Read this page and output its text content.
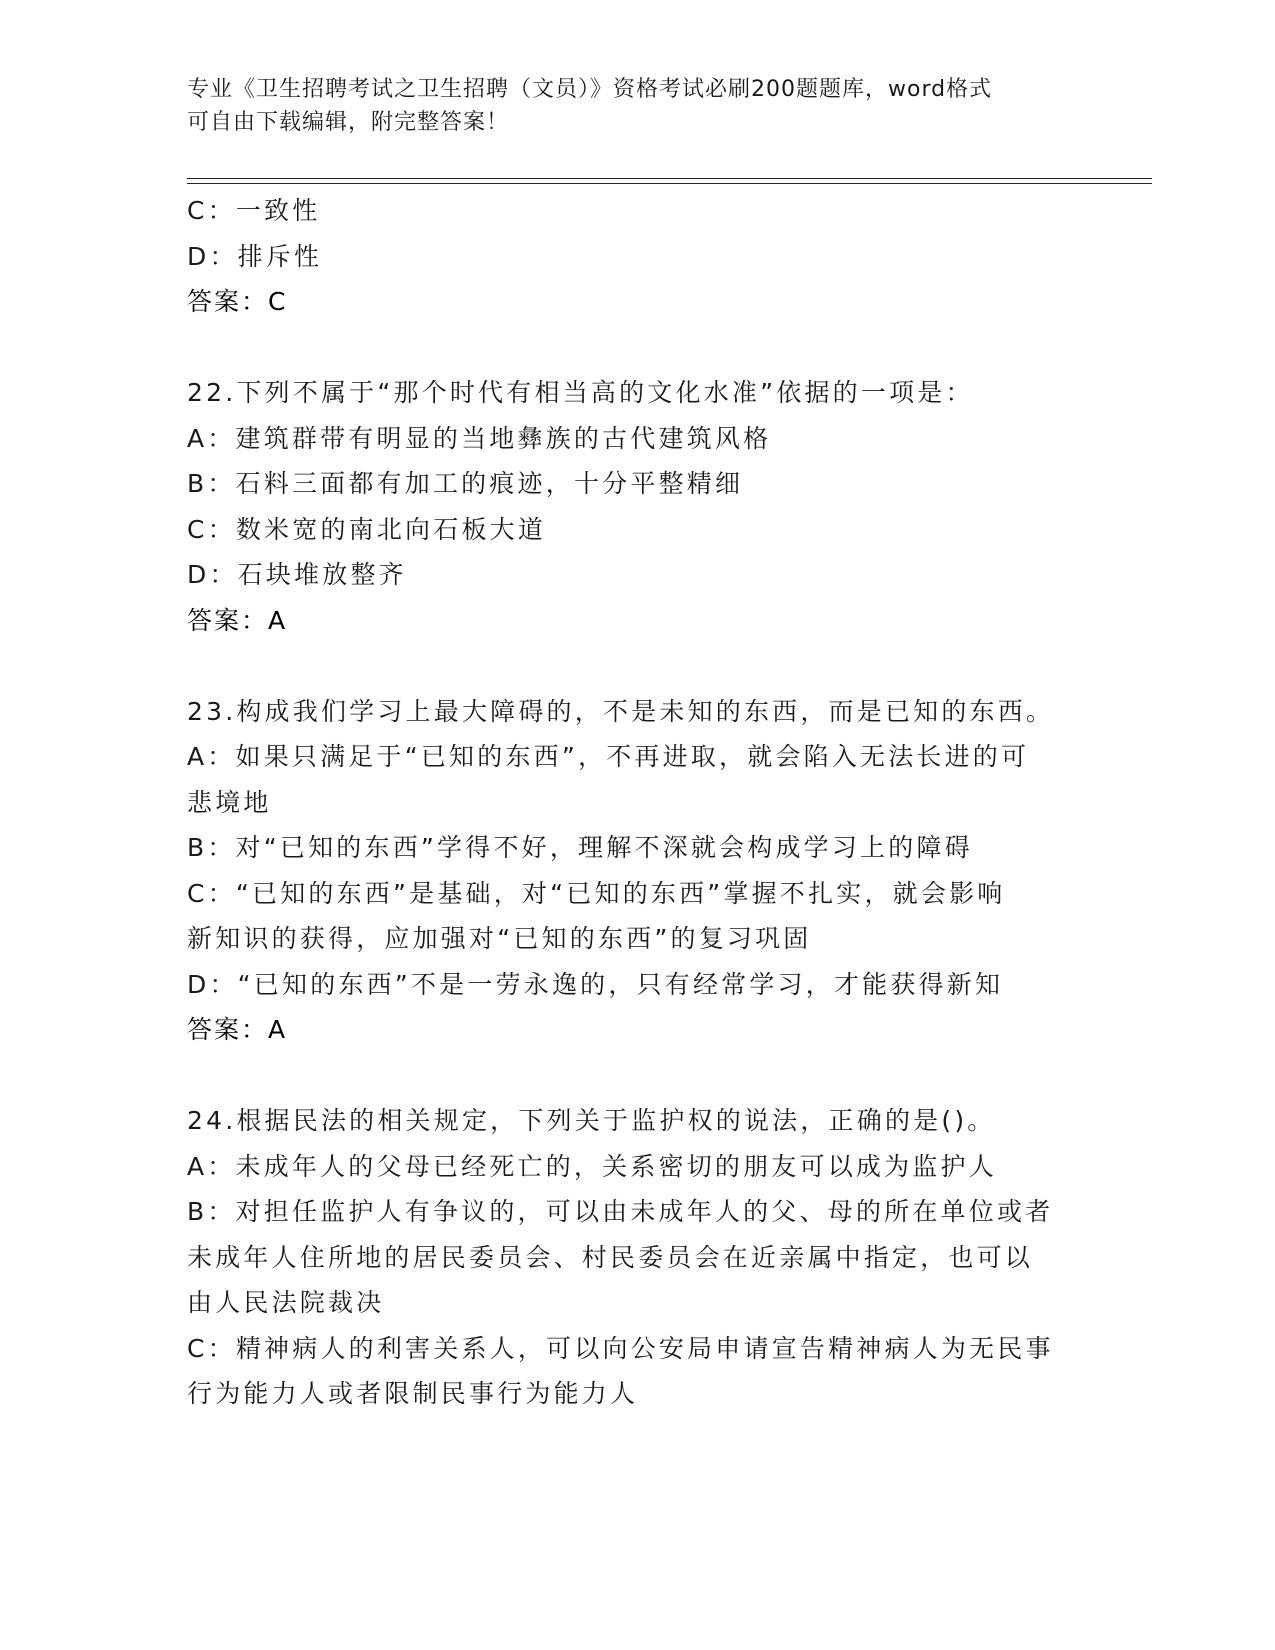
专业《卫生招聘考试之卫生招聘（文员）》资格考试必刷200题题库，word格式
可自由下载编辑，附完整答案！
C：一致性
D：排斥性
答案：C
22.下列不属于“那个时代有相当高的文化水准”依据的一项是：
A：建筑群带有明显的当地彝族的古代建筑风格
B：石料三面都有加工的痕迹，十分平整精细
C：数米宽的南北向石板大道
D：石块堆放整齐
答案：A
23.构成我们学习上最大障碍的，不是未知的东西，而是已知的东西。
A：如果只满足于“已知的东西”，不再进取，就会陷入无法长进的可
悲境地
B：对“已知的东西”学得不好，理解不深就会构成学习上的障碍
C：“已知的东西”是基础，对“已知的东西”掌握不扎实，就会影响
新知识的获得，应加强对“已知的东西”的复习巩固
D：“已知的东西”不是一劳永逸的，只有经常学习，才能获得新知
答案：A
24.根据民法的相关规定，下列关于监护权的说法，正确的是()。
A：未成年人的父母已经死亡的，关系密切的朋友可以成为监护人
B：对担任监护人有争议的，可以由未成年人的父、母的所在单位或者
未成年人住所地的居民委员会、村民委员会在近亲属中指定，也可以
由人民法院裁决
C：精神病人的利害关系人，可以向公安局申请宣告精神病人为无民事
行为能力人或者限制民事行为能力人
